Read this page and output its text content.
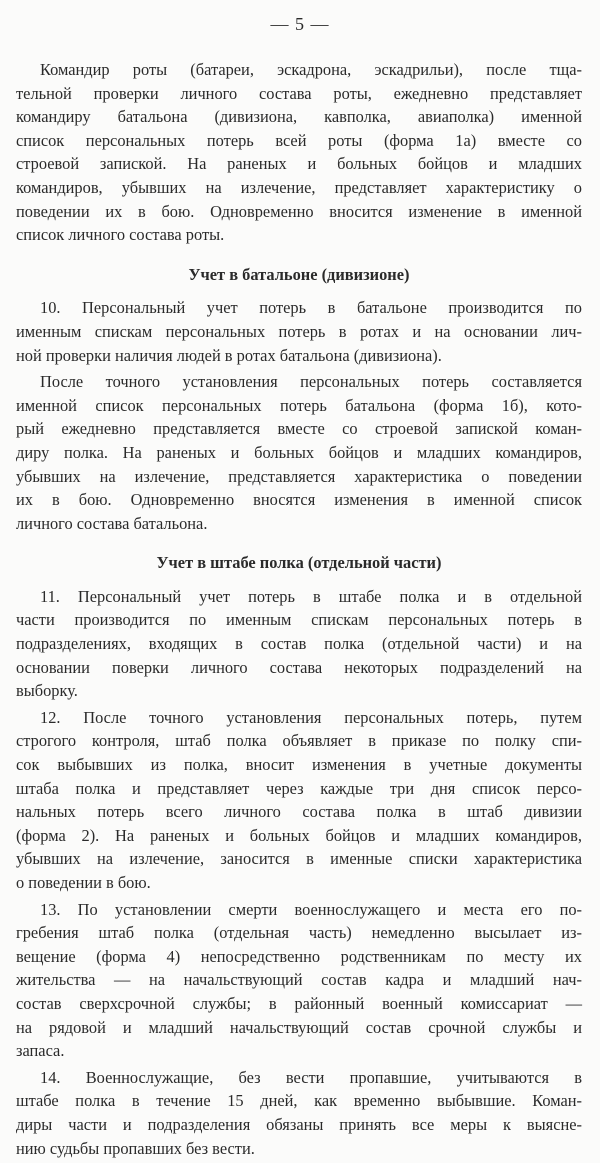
— 5 —
Командир роты (батареи, эскадрона, эскадрильи), после тща-
тельной проверки личного состава роты, ежедневно представляет
командиру батальона (дивизиона, кавполка, авиаполка) именной
список персональных потерь всей роты (форма 1а) вместе со
строевой запиской. На раненых и больных бойцов и младших
командиров, убывших на излечение, представляет характеристику о
поведении их в бою. Одновременно вносится изменение в именной
список личного состава роты.
Учет в батальоне (дивизионе)
10. Персональный учет потерь в батальоне производится по
именным спискам персональных потерь в ротах и на основании лич-
ной проверки наличия людей в ротах батальона (дивизиона).
После точного установления персональных потерь составляется
именной список персональных потерь батальона (форма 1б), кото-
рый ежедневно представляется вместе со строевой запиской коман-
диру полка. На раненых и больных бойцов и младших командиров,
убывших на излечение, представляется характеристика о поведении
их в бою. Одновременно вносятся изменения в именной список
личного состава батальона.
Учет в штабе полка (отдельной части)
11. Персональный учет потерь в штабе полка и в отдельной
части производится по именным спискам персональных потерь в
подразделениях, входящих в состав полка (отдельной части) и на
основании поверки личного состава некоторых подразделений на
выборку.
12. После точного установления персональных потерь, путем
строгого контроля, штаб полка объявляет в приказе по полку спи-
сок выбывших из полка, вносит изменения в учетные документы
штаба полка и представляет через каждые три дня список персо-
нальных потерь всего личного состава полка в штаб дивизии
(форма 2). На раненых и больных бойцов и младших командиров,
убывших на излечение, заносится в именные списки характеристика
о поведении в бою.
13. По установлении смерти военнослужащего и места его по-
гребения штаб полка (отдельная часть) немедленно высылает из-
вещение (форма 4) непосредственно родственникам по месту их
жительства — на начальствующий состав кадра и младший нач-
состав сверхсрочной службы; в районный военный комиссариат —
на рядовой и младший начальствующий состав срочной службы и
запаса.
14. Военнослужащие, без вести пропавшие, учитываются в
штабе полка в течение 15 дней, как временно выбывшие. Коман-
диры части и подразделения обязаны принять все меры к выясне-
нию судьбы пропавших без вести.
